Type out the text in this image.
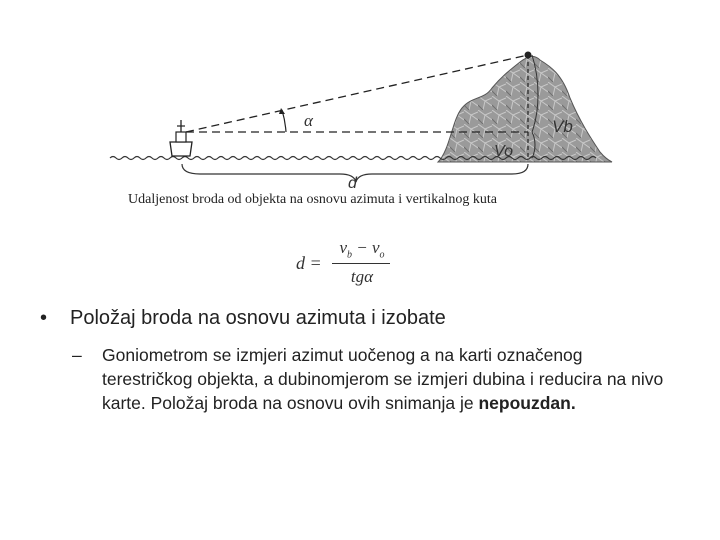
α	Vb
Vo
d
Udaljenost broda od objekta na osnovu azimuta i vertikalnog kuta
d =
$v_b - v_o$
tgα
•	Položaj broda na osnovu azimuta i izobate
– Goniometrom se izmjeri azimut uočenog a na karti označenog terestričkog objekta, a dubinomjerom se izmjeri dubina i reducira na nivo karte. Položaj broda na osnovu ovih snimanja je nepouzdan.
